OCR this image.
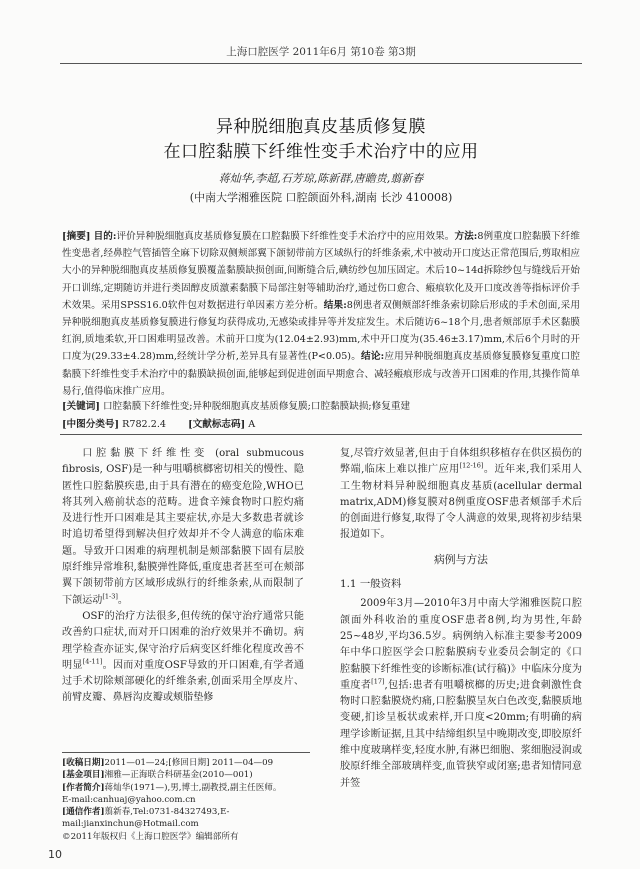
上海口腔医学 2011年6月 第10卷 第3期
异种脱细胞真皮基质修复膜
在口腔黏膜下纤维性变手术治疗中的应用
蒋灿华,李超,石芳琼,陈新群,唐瞻贵,翦新春
(中南大学湘雅医院 口腔颌面外科,湖南 长沙 410008)
[摘要] 目的:评价异种脱细胞真皮基质修复膜在口腔黏膜下纤维性变手术治疗中的应用效果。方法:8例重度口腔黏膜下纤维性变患者,经鼻腔气管插管全麻下切除双侧颊部翼下颌韧带前方区域纵行的纤维条索,术中被动开口度达正常范围后,剪取相应大小的异种脱细胞真皮基质修复膜覆盖黏膜缺损创面,间断缝合后,碘纺纱包加压固定。术后10~14d拆除纱包与缝线后开始开口训练,定期随访并进行类固醇皮质激素黏膜下局部注射等辅助治疗,通过伤口愈合、瘢痕软化及开口度改善等指标评价手术效果。采用SPSS16.0软件包对数据进行单因素方差分析。结果:8例患者双侧颊部纤维条索切除后形成的手术创面,采用异种脱细胞真皮基质修复膜进行修复均获得成功,无感染或排异等并发症发生。术后随访6~18个月,患者颊部原手术区黏膜红润,质地柔软,开口困难明显改善。术前开口度为(12.04±2.93)mm,术中开口度为(35.46±3.17)mm,术后6个月时的开口度为(29.33±4.28)mm,经统计学分析,差异具有显著性(P<0.05)。结论:应用异种脱细胞真皮基质修复膜修复重度口腔黏膜下纤维性变手术治疗中的黏膜缺损创面,能够起到促进创面早期愈合、减轻瘢痕形成与改善开口困难的作用,其操作简单易行,值得临床推广应用。
[关键词] 口腔黏膜下纤维性变;异种脱细胞真皮基质修复膜;口腔黏膜缺损;修复重建
[中图分类号] R782.2.4 [文献标志码] A

口腔黏膜下纤维性变 (oral submucous fibrosis, OSF)是一种与咀嚼槟榔密切相关的慢性、隐匿性口腔黏膜疾患,由于具有潜在的癌变危险,WHO已将其列入癌前状态的范畴。进食辛辣食物时口腔灼痛及进行性开口困难是其主要症状,亦是大多数患者就诊时追切希望得到解决但疗效却并不令人满意的临床难题。导致开口困难的病理机制是颊部黏膜下固有层胶原纤维异常堆积,黏膜弹性降低,重度患者甚至可在颊部翼下颌韧带前方区域形成纵行的纤维条索,从而限制了下颌运动[1-3]。

OSF的治疗方法很多,但传统的保守治疗通常只能改善約口症状,而对开口困难的治疗效果并不确切。病理学检查亦证实,保守治疗后病变区纤维化程度改善不明显[4-11]。因而对重度OSF导致的开口困难,有学者通过手术切除颊部硬化的纤维条索,创面采用全厚皮片、前臂皮瓣、鼻唇沟皮瓣或颊脂垫修

复,尽管疗效显著,但由于自体组织移植存在供区损伤的弊端,临床上难以推广应用[12-16]。近年来,我们采用人工生物材料异种脱细胞真皮基质(acellular dermal matrix,ADM)修复膜对8例重度OSF患者颊部手术后的创面进行修复,取得了令人满意的效果,现将初步结果报道如下。

病例与方法
1.1 一般资料

2009年3月—2010年3月中南大学湘雅医院口腔颌面外科收治的重度OSF患者8例,均为男性,年龄25~48岁,平均36.5岁。病例纳入标准主要参考2009年中华口腔医学会口腔黏膜病专业委员会制定的《口腔黏膜下纤维性变的诊断标准(试行稿)》中临床分度为重度者[17],包括:患者有咀嚼槟榔的历史;进食刺激性食物时口腔黏膜烧灼痛,口腔黏膜呈灰白色改变,黏膜质地变硬,扪诊呈板状或索样,开口度<20mm;有明确的病理学诊断证据,且其中结缔组织呈中晚期改变,即胶原纤维中度玻璃样变,轻度水肿,有淋巴细胞、浆细胞浸润或胶原纤维全部玻璃样变,血管狭窄或闭塞;患者知情同意并签

[收稿日期]2011—01—24;[修回日期] 2011—04—09
[基金项目]湘雅—正海联合科研基金(2010—001)
[作者简介]蒋灿华(1971—),男,博士,副教授,副主任医师。
E-mail:canhuaj@yahoo.com.cn
[通信作者]翦新春,Tel:0731-84327493,E-mail:jianxinchun@Hotmail.com
©2011年版权归《上海口腔医学》编辑部所有
10
